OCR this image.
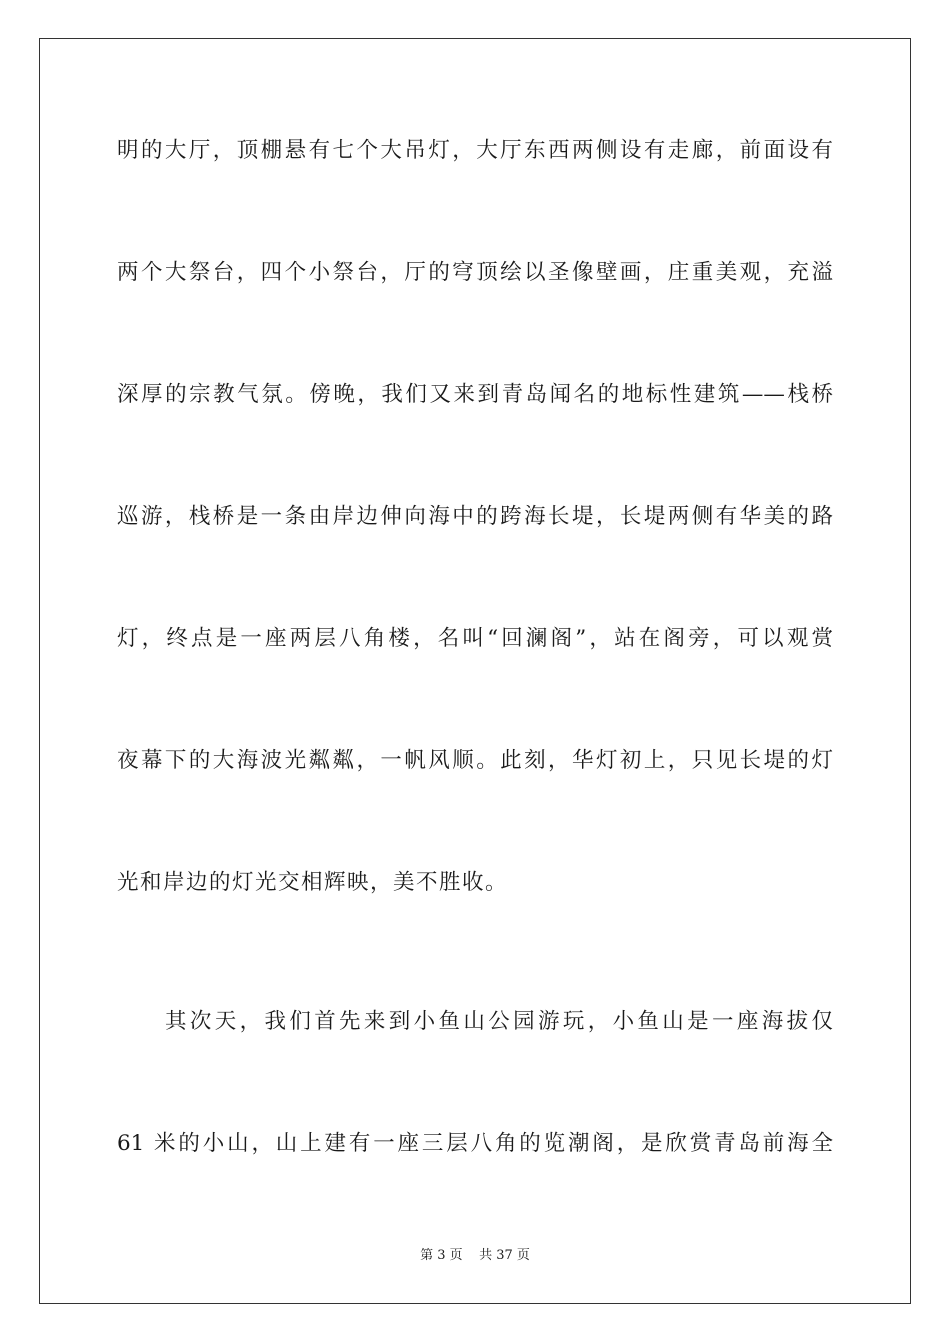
明的大厅，顶棚悬有七个大吊灯，大厅东西两侧设有走廊，前面设有
两个大祭台，四个小祭台，厅的穹顶绘以圣像壁画，庄重美观，充溢
深厚的宗教气氛。傍晚，我们又来到青岛闻名的地标性建筑——栈桥
巡游，栈桥是一条由岸边伸向海中的跨海长堤，长堤两侧有华美的路
灯，终点是一座两层八角楼，名叫“回澜阁”，站在阁旁，可以观赏
夜幕下的大海波光粼粼，一帆风顺。此刻，华灯初上，只见长堤的灯
光和岸边的灯光交相辉映，美不胜收。
其次天，我们首先来到小鱼山公园游玩，小鱼山是一座海拔仅
61 米的小山，山上建有一座三层八角的览潮阁，是欣赏青岛前海全
第 3 页    共 37 页
